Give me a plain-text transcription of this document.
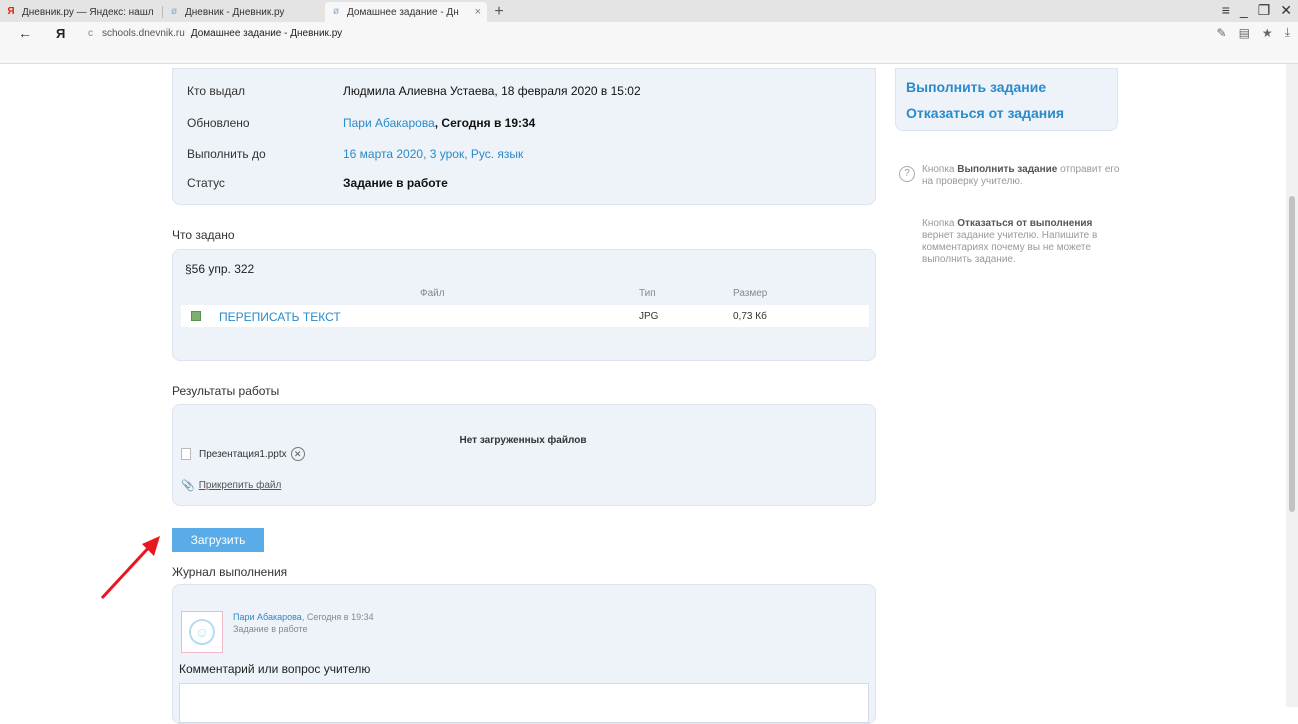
Я Дневник.ру — Яндекс: нашл ø Дневник - Дневник.ру	ø Домашнее задание - Дн × +	≡ _ ❐ ✕
←	Я	c schools.dnevnik.ru Домашнее задание - Дневник.ру	✎ ▤ ★ ⤓
Кто выдал	Людмила Алиевна Устаева, 18 февраля 2020 в 15:02
Обновлено	Пари Абакарова , Сегодня в 19:34
Выполнить до	16 марта 2020, 3 урок, Рус. язык
Статус	Задание в работе
Что задано
§56 упр. 322
Файл	Тип	Размер
ПЕРЕПИСАТЬ ТЕКСТ	JPG	0,73 Кб
Результаты работы
Нет загруженных файлов
Презентация1.pptx ✕
📎 Прикрепить файл
Загрузить
Журнал выполнения
☺
Пари Абакарова, Сегодня в 19:34
Задание в работе
Комментарий или вопрос учителю
Выполнить задание
Отказаться от задания
?	Кнопка Выполнить задание отправит его на проверку учителю.
Кнопка Отказаться от выполнения вернет задание учителю. Напишите в комментариях почему вы не можете выполнить задание.
